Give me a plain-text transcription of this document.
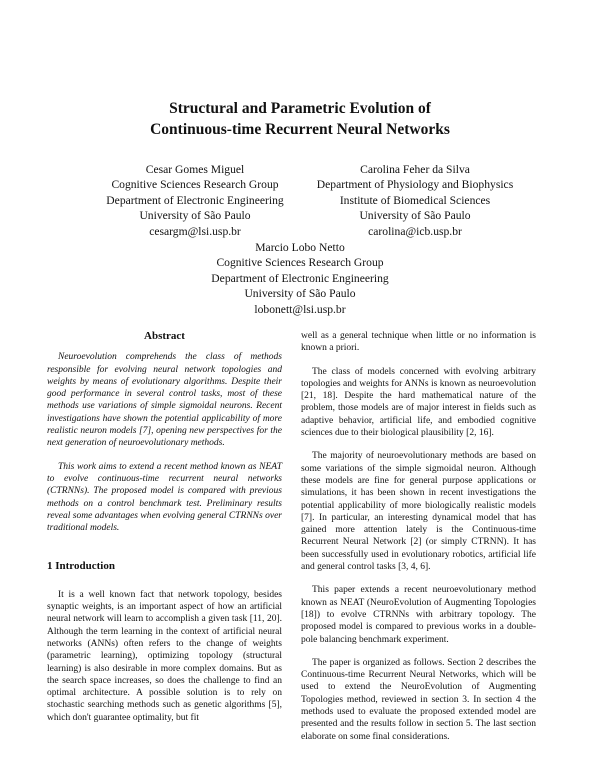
Structural and Parametric Evolution of
Continuous-time Recurrent Neural Networks
Cesar Gomes Miguel
Cognitive Sciences Research Group
Department of Electronic Engineering
University of São Paulo
cesargm@lsi.usp.br
Carolina Feher da Silva
Department of Physiology and Biophysics
Institute of Biomedical Sciences
University of São Paulo
carolina@icb.usp.br
Marcio Lobo Netto
Cognitive Sciences Research Group
Department of Electronic Engineering
University of São Paulo
lobonett@lsi.usp.br
Abstract

Neuroevolution comprehends the class of methods responsible for evolving neural network topologies and weights by means of evolutionary algorithms. Despite their good performance in several control tasks, most of these methods use variations of simple sigmoidal neurons. Recent investigations have shown the potential applicability of more realistic neuron models [7], opening new perspectives for the next generation of neuroevolutionary methods.

This work aims to extend a recent method known as NEAT to evolve continuous-time recurrent neural networks (CTRNNs). The proposed model is compared with previous methods on a control benchmark test. Preliminary results reveal some advantages when evolving general CTRNNs over traditional models.

1 Introduction

It is a well known fact that network topology, besides synaptic weights, is an important aspect of how an artificial neural network will learn to accomplish a given task [11, 20]. Although the term learning in the context of artificial neural networks (ANNs) often refers to the change of weights (parametric learning), optimizing topology (structural learning) is also desirable in more complex domains. But as the search space increases, so does the challenge to find an optimal architecture. A possible solution is to rely on stochastic searching methods such as genetic algorithms [5], which don't guarantee optimality, but fit

well as a general technique when little or no information is known a priori.

The class of models concerned with evolving arbitrary topologies and weights for ANNs is known as neuroevolution [21, 18]. Despite the hard mathematical nature of the problem, those models are of major interest in fields such as adaptive behavior, artificial life, and embodied cognitive sciences due to their biological plausibility [2, 16].

The majority of neuroevolutionary methods are based on some variations of the simple sigmoidal neuron. Although these models are fine for general purpose applications or simulations, it has been shown in recent investigations the potential applicability of more biologically realistic models [7]. In particular, an interesting dynamical model that has gained more attention lately is the Continuous-time Recurrent Neural Network [2] (or simply CTRNN). It has been successfully used in evolutionary robotics, artificial life and general control tasks [3, 4, 6].

This paper extends a recent neuroevolutionary method known as NEAT (NeuroEvolution of Augmenting Topologies [18]) to evolve CTRNNs with arbitrary topology. The proposed model is compared to previous works in a double-pole balancing benchmark experiment.

The paper is organized as follows. Section 2 describes the Continuous-time Recurrent Neural Networks, which will be used to extend the NeuroEvolution of Augmenting Topologies method, reviewed in section 3. In section 4 the methods used to evaluate the proposed extended model are presented and the results follow in section 5. The last section elaborate on some final considerations.
